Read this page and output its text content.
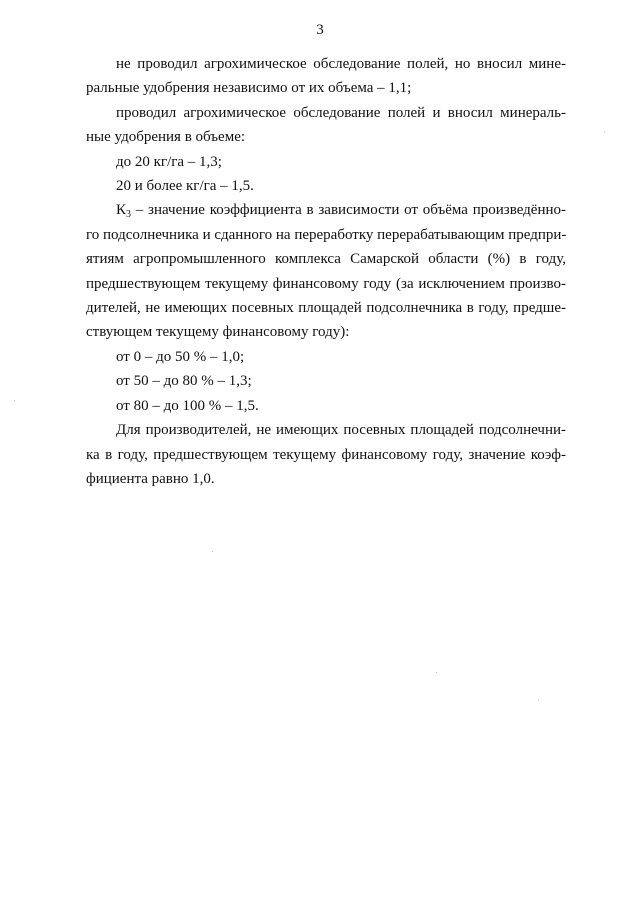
3
не проводил агрохимическое обследование полей, но вносил мине-
ральные удобрения независимо от их объема – 1,1;
проводил агрохимическое обследование полей и вносил минераль-
ные удобрения в объеме:
до 20 кг/га – 1,3;
20 и более кг/га – 1,5.
$К_3$ – значение коэффициента в зависимости от объёма произведённо-
го подсолнечника и сданного на переработку перерабатывающим предпри-
ятиям агропромышленного комплекса Самарской области (%) в году,
предшествующем текущему финансовому году (за исключением произво-
дителей, не имеющих посевных площадей подсолнечника в году, предше-
ствующем текущему финансовому году):
от 0 – до 50 % – 1,0;
от 50 – до 80 % – 1,3;
от 80 – до 100 % – 1,5.
Для производителей, не имеющих посевных площадей подсолнечни-
ка в году, предшествующем текущему финансовому году, значение коэф-
фициента равно 1,0.
